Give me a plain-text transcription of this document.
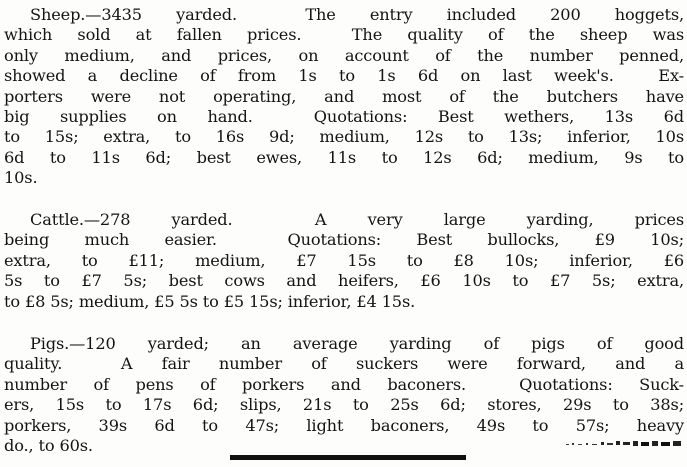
Sheep.—3435 yarded.  The entry included 200 hoggets,
which sold at fallen prices.  The quality of the sheep was
only medium, and prices, on account of the number penned,
showed a decline of from 1s to 1s 6d on last week's.  Ex-
porters were not operating, and most of the butchers have
big supplies on hand.  Quotations: Best wethers, 13s 6d
to 15s; extra, to 16s 9d; medium, 12s to 13s; inferior, 10s
6d to 11s 6d; best ewes, 11s to 12s 6d; medium, 9s to
10s.
Cattle.—278 yarded.  A very large yarding, prices
being much easier.  Quotations: Best bullocks, £9 10s;
extra, to £11; medium, £7 15s to £8 10s; inferior, £6
5s to £7 5s; best cows and heifers, £6 10s to £7 5s; extra,
to £8 5s; medium, £5 5s to £5 15s; inferior, £4 15s.
Pigs.—120 yarded; an average yarding of pigs of good
quality.  A fair number of suckers were forward, and a
number of pens of porkers and baconers.  Quotations: Suck-
ers, 15s to 17s 6d; slips, 21s to 25s 6d; stores, 29s to 38s;
porkers, 39s 6d to 47s; light baconers, 49s to 57s; heavy
do., to 60s.
